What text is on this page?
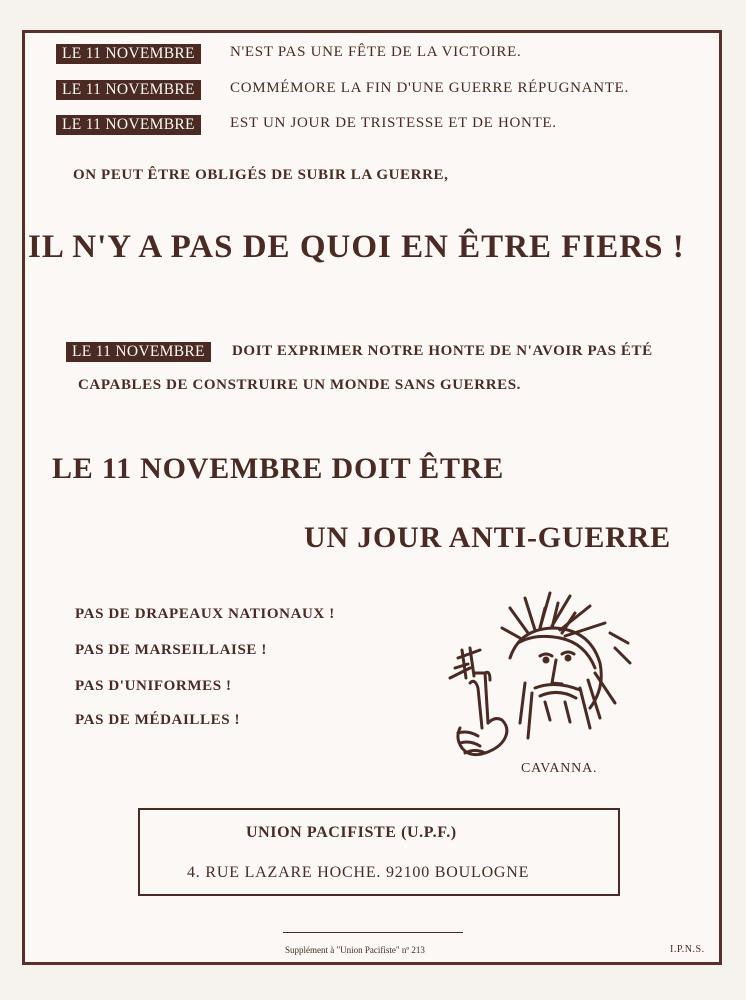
LE 11 NOVEMBRE	N'EST PAS UNE FÊTE DE LA VICTOIRE.
LE 11 NOVEMBRE	COMMÉMORE LA FIN D'UNE GUERRE RÉPUGNANTE.
LE 11 NOVEMBRE	EST UN JOUR DE TRISTESSE ET DE HONTE.
ON PEUT ÊTRE OBLIGÉS DE SUBIR LA GUERRE,
IL N'Y A PAS DE QUOI EN ÊTRE FIERS !
LE 11 NOVEMBRE	DOIT EXPRIMER NOTRE HONTE DE N'AVOIR PAS ÉTÉ
CAPABLES DE CONSTRUIRE UN MONDE SANS GUERRES.
LE 11 NOVEMBRE DOIT ÊTRE
UN JOUR ANTI-GUERRE
PAS DE DRAPEAUX NATIONAUX !
PAS DE MARSEILLAISE !
PAS D'UNIFORMES !
PAS DE MÉDAILLES !
CAVANNA.
UNION PACIFISTE (U.P.F.)
4. RUE LAZARE HOCHE. 92100 BOULOGNE
Supplément à "Union Pacifiste" nº 213	I.P.N.S.
